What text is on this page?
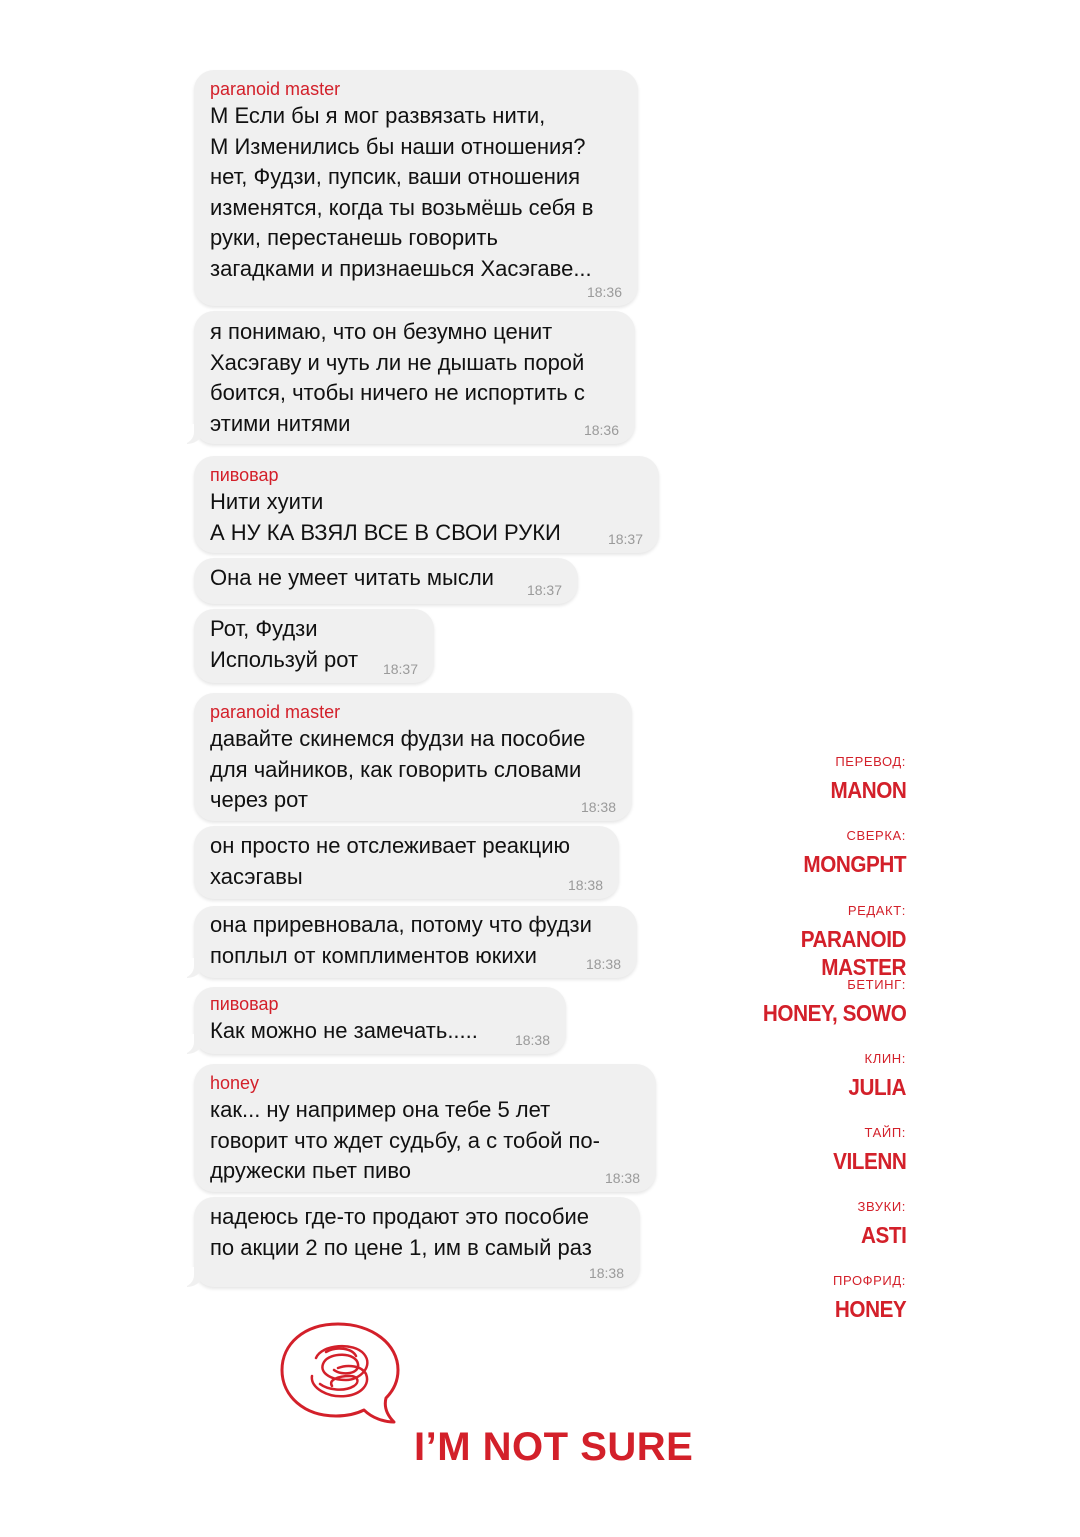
paranoid master
М Если бы я мог развязать нити,
М Изменились бы наши отношения?
нет, Фудзи, пупсик, ваши отношения
изменятся, когда ты возьмёшь себя в
руки, перестанешь говорить
загадками и признаешься Хасэгаве...
18:36
я понимаю, что он безумно ценит
Хасэгаву и чуть ли не дышать порой
боится, чтобы ничего не испортить с
этими нитями	18:36
пивовар
Нити хуити
А НУ КА ВЗЯЛ ВСЕ В СВОИ РУКИ	18:37
Она не умеет читать мысли	18:37
Рот, Фудзи
Используй рот	18:37
paranoid master
давайте скинемся фудзи на пособие
для чайников, как говорить словами
через рот	18:38
он просто не отслеживает реакцию
хасэгавы	18:38
она приревновала, потому что фудзи
поплыл от комплиментов юкихи	18:38
пивовар
Как можно не замечать.....	18:38
honey
как... ну например она тебе 5 лет
говорит что ждет судьбу, а с тобой по-
дружески пьет пиво	18:38
надеюсь где-то продают это пособие
по акции 2 по цене 1, им в самый раз
18:38
ПЕРЕВОД:
MANON
СВЕРКА:
MONGPHT
РЕДАКТ:
PARANOID MASTER
БЕТИНГ:
HONEY, SOWO
КЛИН:
JULIA
ТАЙП:
VILENN
ЗВУКИ:
ASTI
ПРОФРИД:
HONEY
I’M NOT SURE
